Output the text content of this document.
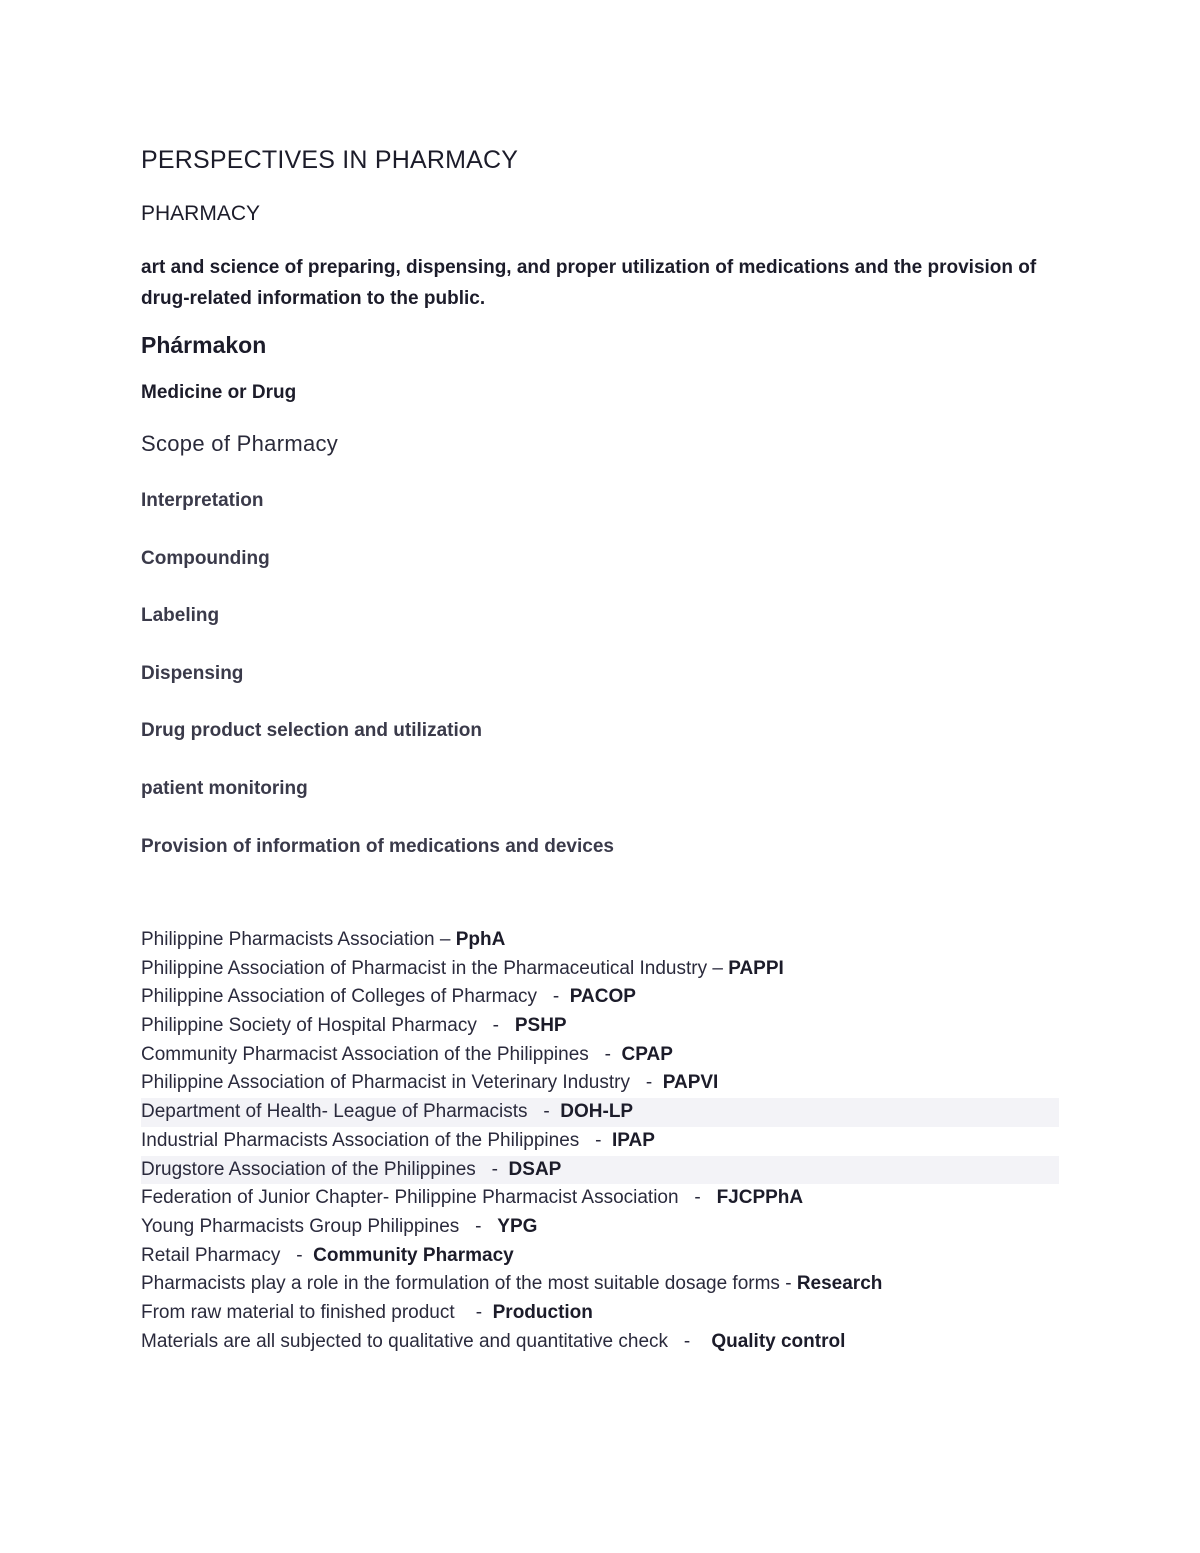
PERSPECTIVES IN PHARMACY
PHARMACY
art and science of preparing, dispensing, and proper utilization of medications and the provision of drug-related information to the public.
Phármakon
Medicine or Drug
Scope of Pharmacy
Interpretation
Compounding
Labeling
Dispensing
Drug product selection and utilization
patient monitoring
Provision of information of medications and devices
Philippine Pharmacists Association – PphA
Philippine Association of Pharmacist in the Pharmaceutical Industry – PAPPI
Philippine Association of Colleges of Pharmacy   -  PACOP
Philippine Society of Hospital Pharmacy   -   PSHP
Community Pharmacist Association of the Philippines   -  CPAP
Philippine Association of Pharmacist in Veterinary Industry   -  PAPVI
Department of Health- League of Pharmacists   -  DOH-LP
Industrial Pharmacists Association of the Philippines   -  IPAP
Drugstore Association of the Philippines   -  DSAP
Federation of Junior Chapter- Philippine Pharmacist Association   -   FJCPPhA
Young Pharmacists Group Philippines   -   YPG
Retail Pharmacy   -  Community Pharmacy
Pharmacists play a role in the formulation of the most suitable dosage forms - Research
From raw material to finished product    -  Production
Materials are all subjected to qualitative and quantitative check   -    Quality control
